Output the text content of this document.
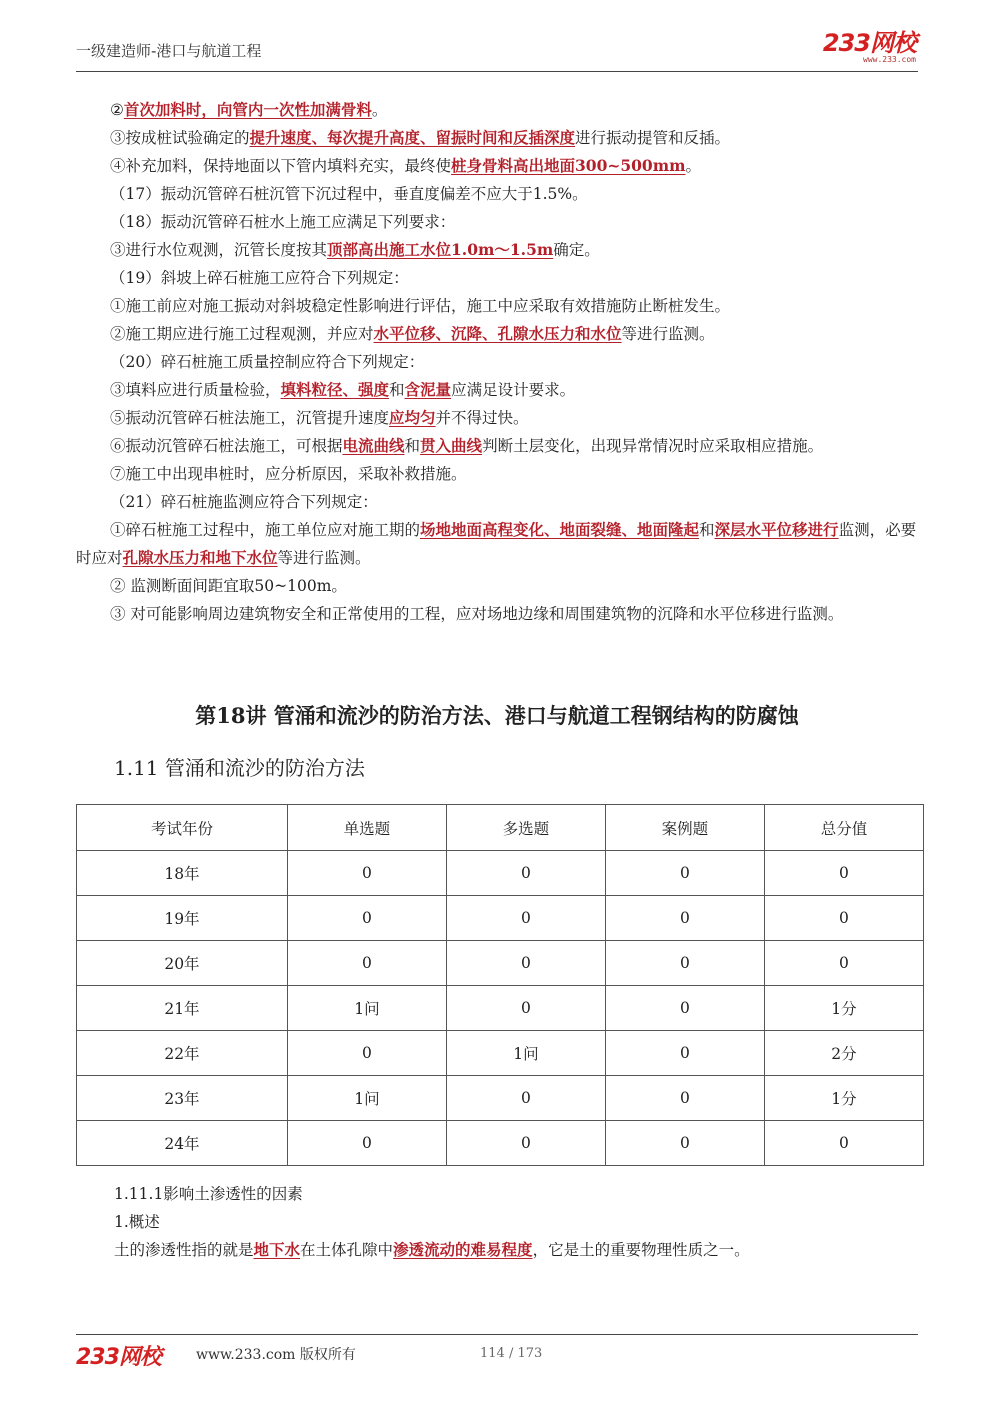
一级建造师-港口与航道工程	233网校
www.233.com

②首次加料时，向管内一次性加满骨料。

③按成桩试验确定的提升速度、每次提升高度、留振时间和反插深度进行振动提管和反插。

④补充加料，保持地面以下管内填料充实，最终使桩身骨料高出地面300~500mm。

（17）振动沉管碎石桩沉管下沉过程中，垂直度偏差不应大于1.5%。

（18）振动沉管碎石桩水上施工应满足下列要求：

③进行水位观测，沉管长度按其顶部高出施工水位1.0m～1.5m确定。

（19）斜坡上碎石桩施工应符合下列规定：

①施工前应对施工振动对斜坡稳定性影响进行评估，施工中应采取有效措施防止断桩发生。

②施工期应进行施工过程观测，并应对水平位移、沉降、孔隙水压力和水位等进行监测。

（20）碎石桩施工质量控制应符合下列规定：

③填料应进行质量检验，填料粒径、强度和含泥量应满足设计要求。

⑤振动沉管碎石桩法施工，沉管提升速度应均匀并不得过快。

⑥振动沉管碎石桩法施工，可根据电流曲线和贯入曲线判断土层变化，出现异常情况时应采取相应措施。

⑦施工中出现串桩时，应分析原因，采取补救措施。

（21）碎石桩施监测应符合下列规定：

①碎石桩施工过程中，施工单位应对施工期的场地地面高程变化、地面裂缝、地面隆起和深层水平位移进行监测，必要时应对孔隙水压力和地下水位等进行监测。

② 监测断面间距宜取50~100m。

③ 对可能影响周边建筑物安全和正常使用的工程，应对场地边缘和周围建筑物的沉降和水平位移进行监测。

第18讲 管涌和流沙的防治方法、港口与航道工程钢结构的防腐蚀
1.11 管涌和流沙的防治方法
考试年份	单选题	多选题	案例题	总分值
18年	0	0	0	0
19年	0	0	0	0
20年	0	0	0	0
21年	1问	0	0	1分
22年	0	1问	0	2分
23年	1问	0	0	1分
24年	0	0	0	0

1.11.1影响土渗透性的因素

1.概述

土的渗透性指的就是地下水在土体孔隙中渗透流动的难易程度，它是土的重要物理性质之一。

233网校	www.233.com 版权所有	114 / 173
